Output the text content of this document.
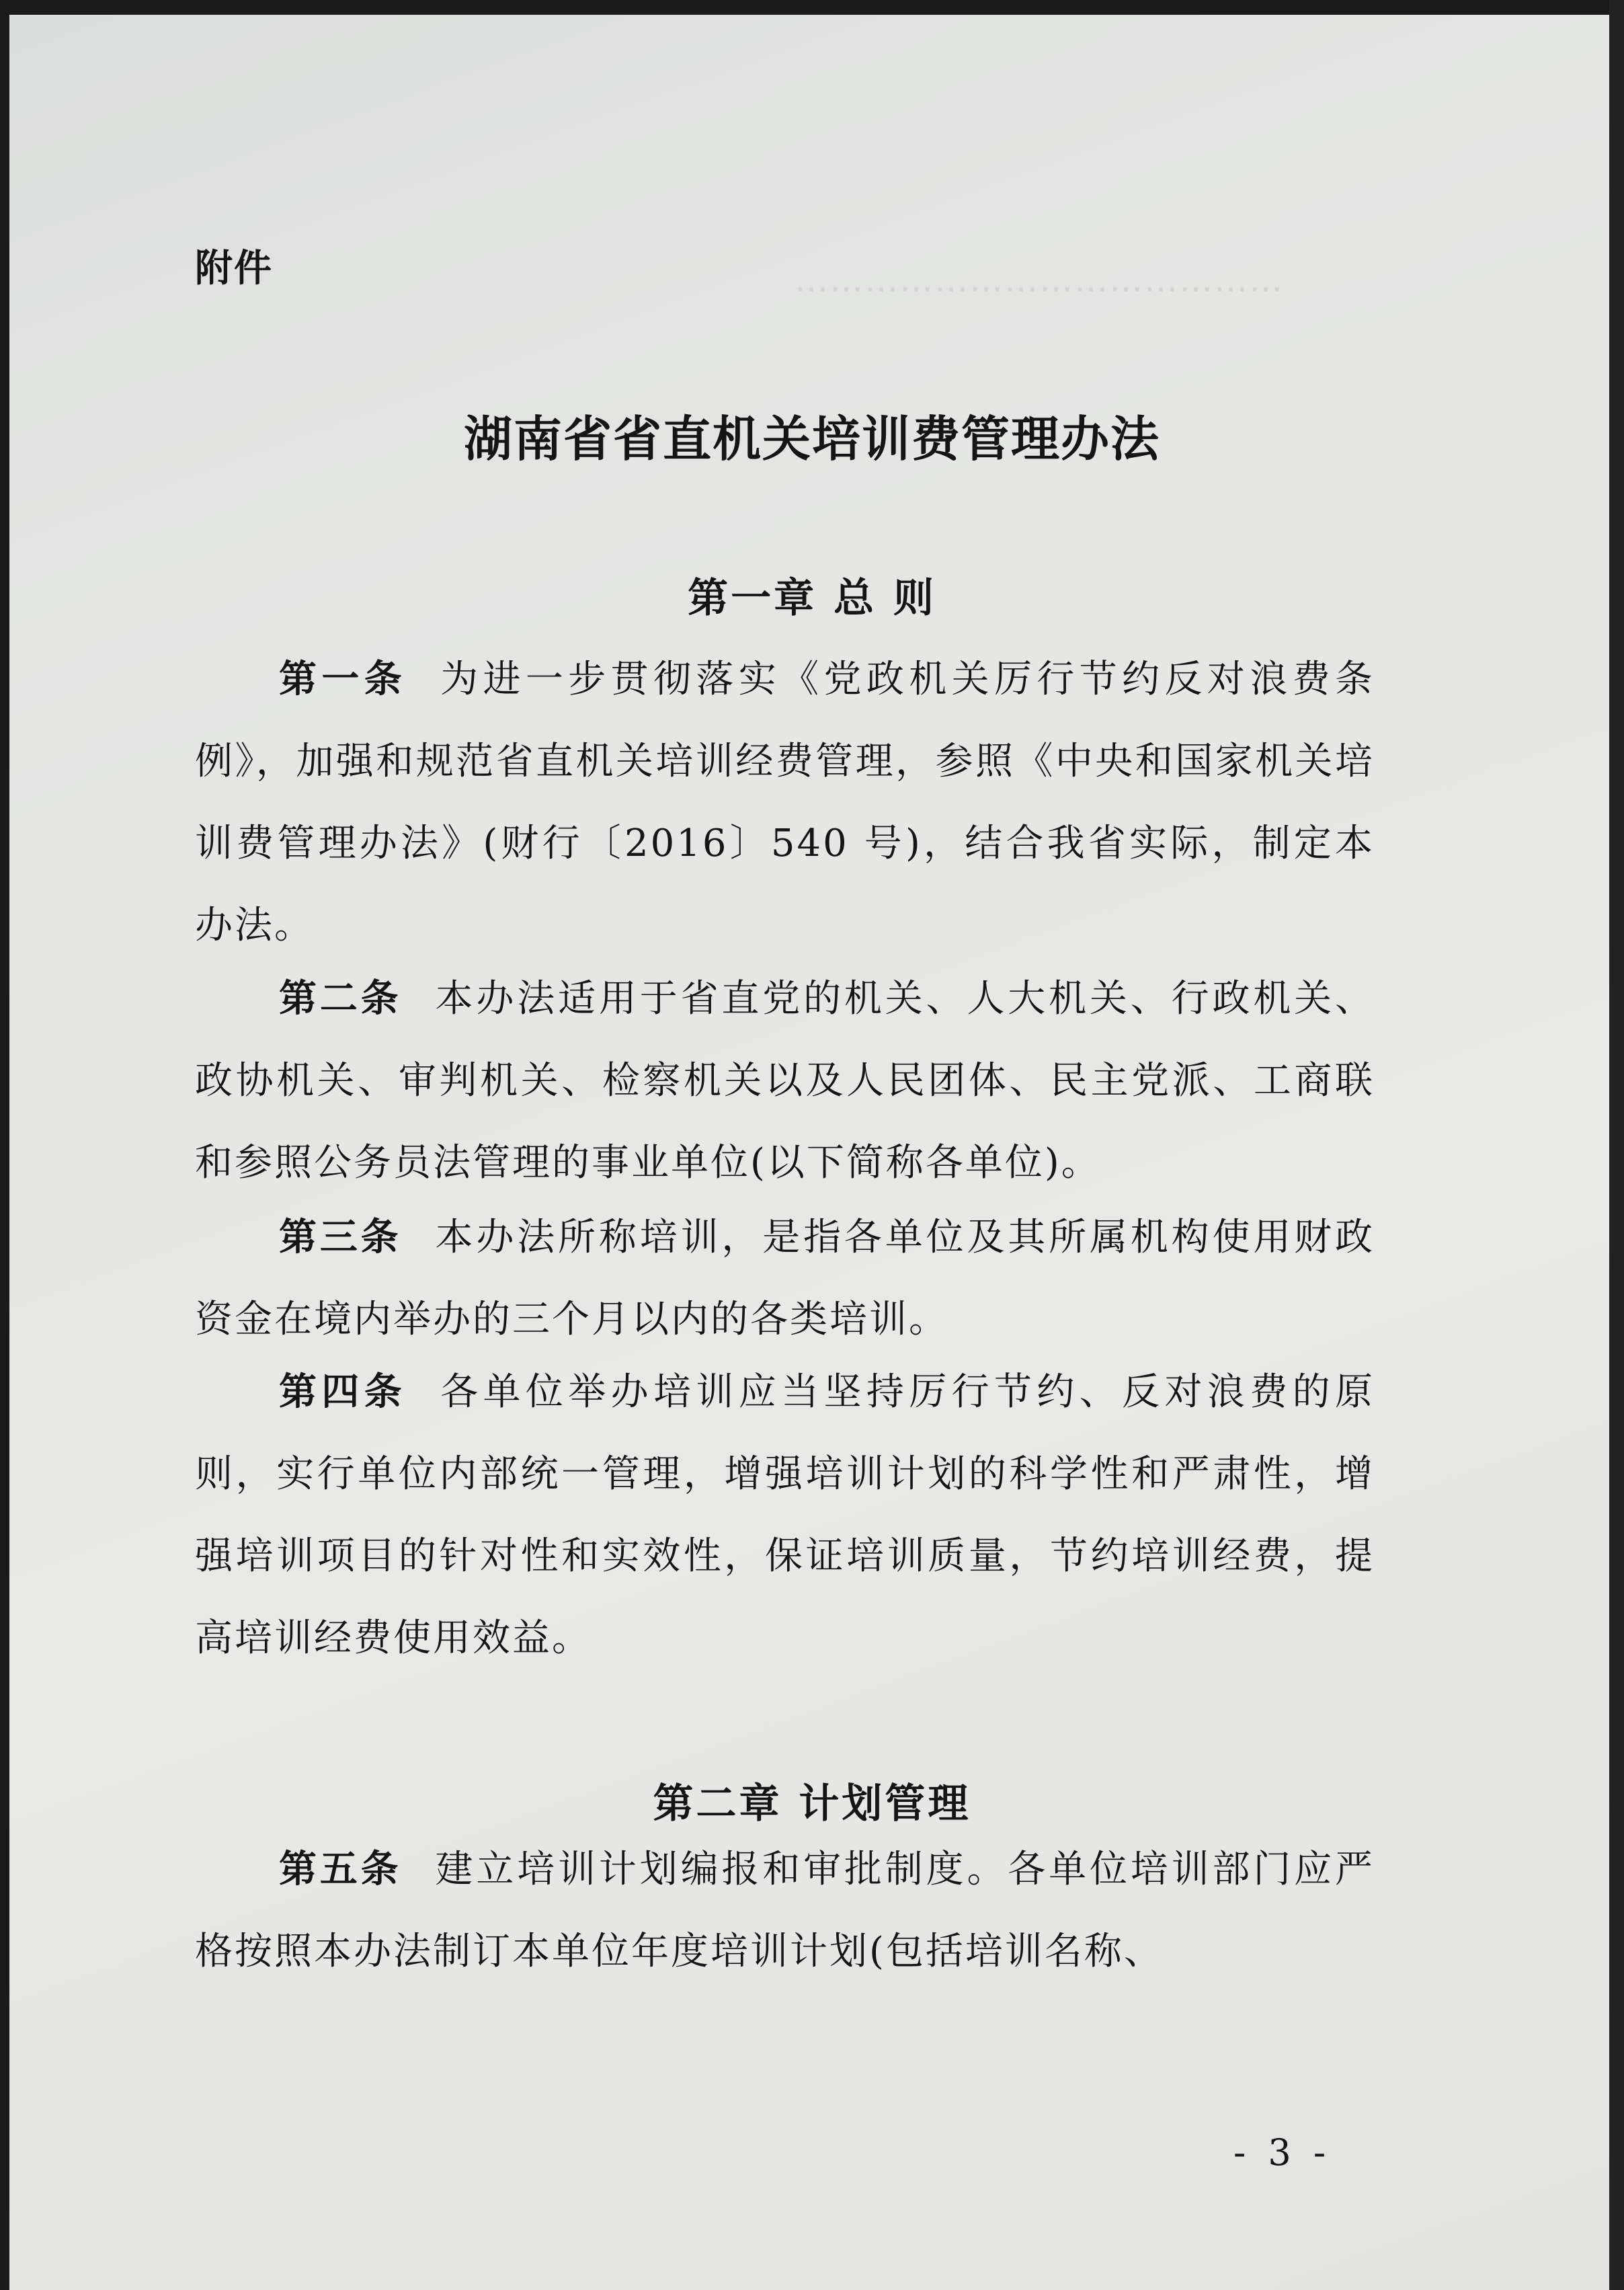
⋯⋯⋯⋯⋯⋯⋯⋯⋯⋯⋯⋯⋯⋯
附件
湖南省省直机关培训费管理办法
第一章 总 则
第一条 为进一步贯彻落实《党政机关厉行节约反对浪费条例》，加强和规范省直机关培训经费管理，参照《中央和国家机关培训费管理办法》(财行〔2016〕540 号)，结合我省实际，制定本办法。
第二条 本办法适用于省直党的机关、人大机关、行政机关、政协机关、审判机关、检察机关以及人民团体、民主党派、工商联和参照公务员法管理的事业单位(以下简称各单位)。
第三条 本办法所称培训，是指各单位及其所属机构使用财政资金在境内举办的三个月以内的各类培训。
第四条 各单位举办培训应当坚持厉行节约、反对浪费的原则，实行单位内部统一管理，增强培训计划的科学性和严肃性，增强培训项目的针对性和实效性，保证培训质量，节约培训经费，提高培训经费使用效益。
第二章 计划管理
第五条 建立培训计划编报和审批制度。各单位培训部门应严格按照本办法制订本单位年度培训计划(包括培训名称、
- 3 -
